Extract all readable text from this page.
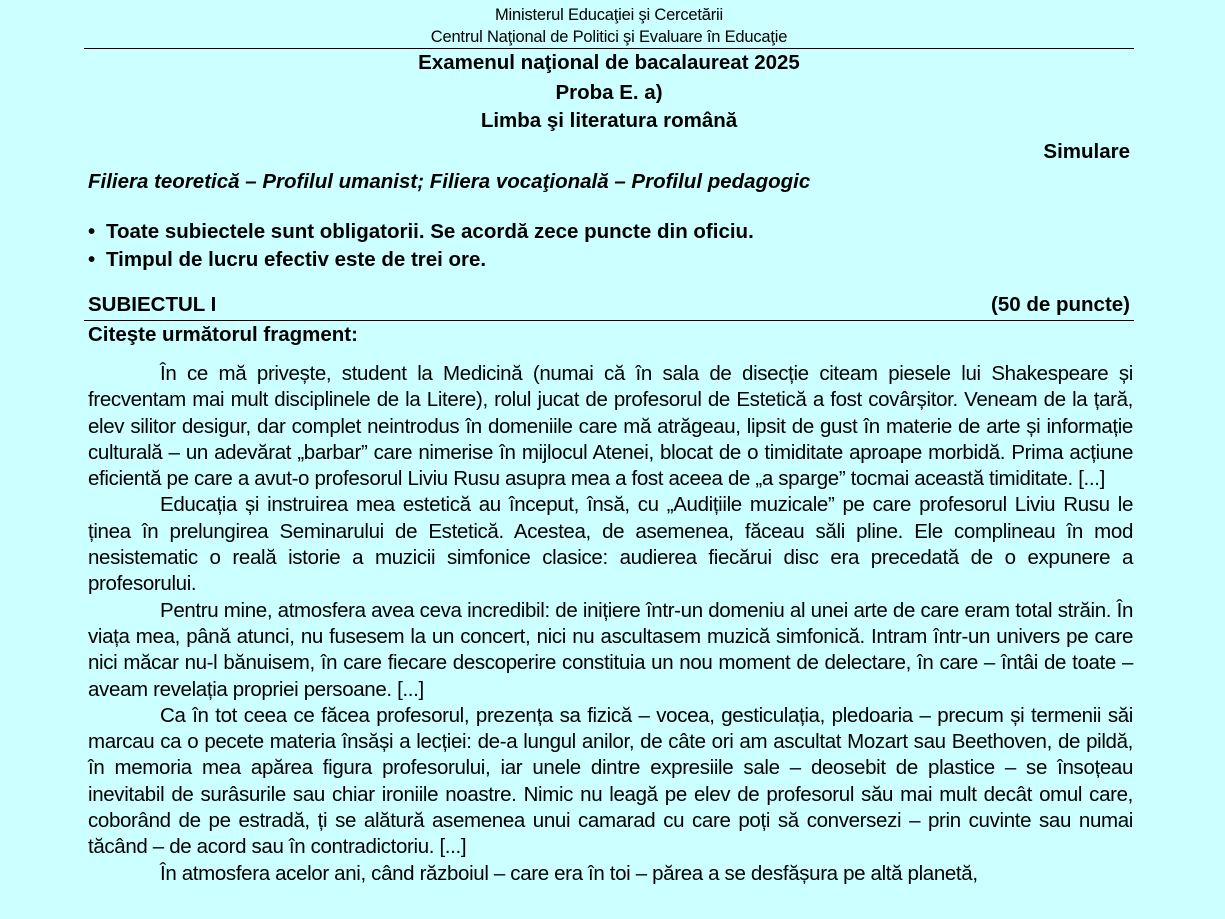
Ministerul Educaţiei şi Cercetării
Centrul Naţional de Politici şi Evaluare în Educaţie
Examenul naţional de bacalaureat 2025
Proba E. a)
Limba şi literatura română
Simulare
Filiera teoretică – Profilul umanist; Filiera vocaţională – Profilul pedagogic
• Toate subiectele sunt obligatorii. Se acordă zece puncte din oficiu.
• Timpul de lucru efectiv este de trei ore.
SUBIECTUL I	(50 de puncte)
Citeşte următorul fragment:

În ce mă privește, student la Medicină (numai că în sala de disecție citeam piesele lui Shakespeare și frecventam mai mult disciplinele de la Litere), rolul jucat de profesorul de Estetică a fost covârșitor. Veneam de la țară, elev silitor desigur, dar complet neintrodus în domeniile care mă atrăgeau, lipsit de gust în materie de arte și informație culturală – un adevărat „barbar” care nimerise în mijlocul Atenei, blocat de o timiditate aproape morbidă. Prima acțiune eficientă pe care a avut-o profesorul Liviu Rusu asupra mea a fost aceea de „a sparge” tocmai această timiditate. [...]

Educația și instruirea mea estetică au început, însă, cu „Audițiile muzicale” pe care profesorul Liviu Rusu le ținea în prelungirea Seminarului de Estetică. Acestea, de asemenea, făceau săli pline. Ele complineau în mod nesistematic o reală istorie a muzicii simfonice clasice: audierea fiecărui disc era precedată de o expunere a profesorului.

Pentru mine, atmosfera avea ceva incredibil: de inițiere într-un domeniu al unei arte de care eram total străin. În viața mea, până atunci, nu fusesem la un concert, nici nu ascultasem muzică simfonică. Intram într-un univers pe care nici măcar nu-l bănuisem, în care fiecare descoperire constituia un nou moment de delectare, în care – întâi de toate – aveam revelația propriei persoane. [...]

Ca în tot ceea ce făcea profesorul, prezența sa fizică – vocea, gesticulația, pledoaria – precum și termenii săi marcau ca o pecete materia însăși a lecției: de-a lungul anilor, de câte ori am ascultat Mozart sau Beethoven, de pildă, în memoria mea apărea figura profesorului, iar unele dintre expresiile sale – deosebit de plastice – se însoțeau inevitabil de surâsurile sau chiar ironiile noastre. Nimic nu leagă pe elev de profesorul său mai mult decât omul care, coborând de pe estradă, ți se alătură asemenea unui camarad cu care poți să conversezi – prin cuvinte sau numai tăcând – de acord sau în contradictoriu. [...]

În atmosfera acelor ani, când războiul – care era în toi – părea a se desfășura pe altă planetă,
